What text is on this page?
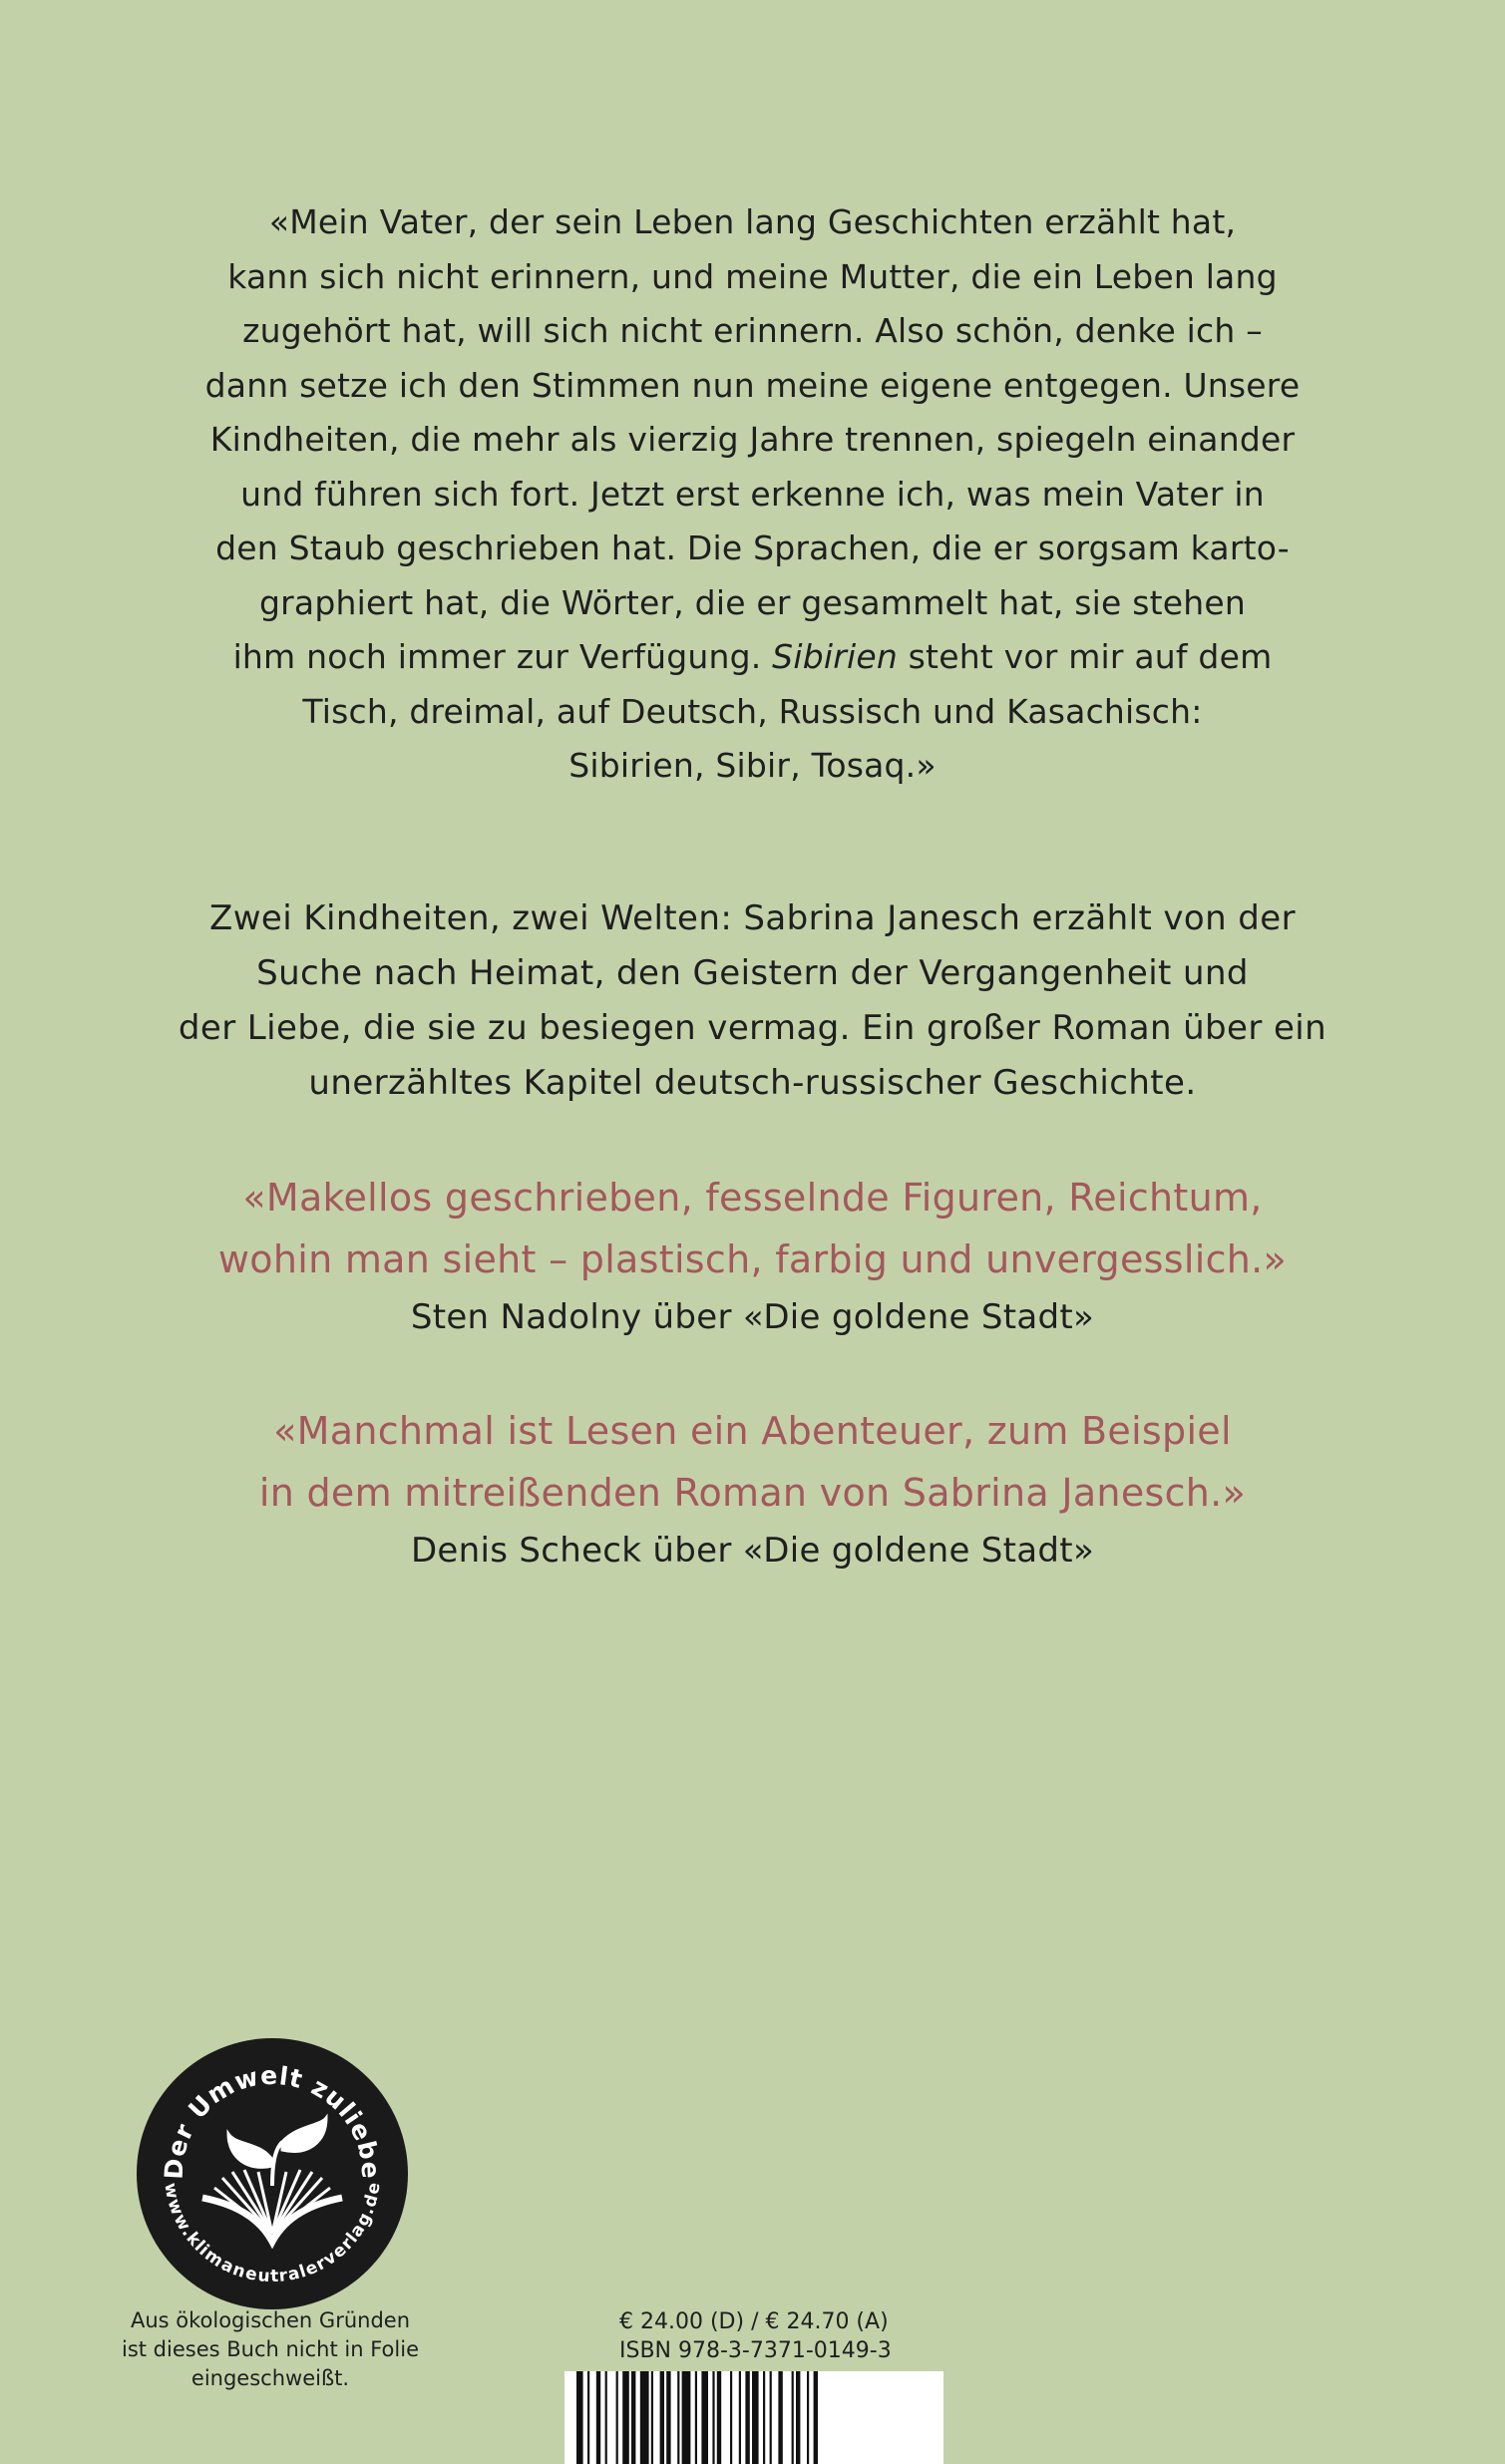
«Mein Vater, der sein Leben lang Geschichten erzählt hat,
kann sich nicht erinnern, und meine Mutter, die ein Leben lang
zugehört hat, will sich nicht erinnern. Also schön, denke ich –
dann setze ich den Stimmen nun meine eigene entgegen. Unsere
Kindheiten, die mehr als vierzig Jahre trennen, spiegeln einander
und führen sich fort. Jetzt erst erkenne ich, was mein Vater in
den Staub geschrieben hat. Die Sprachen, die er sorgsam karto-
graphiert hat, die Wörter, die er gesammelt hat, sie stehen
ihm noch immer zur Verfügung. Sibirien steht vor mir auf dem
Tisch, dreimal, auf Deutsch, Russisch und Kasachisch:
Sibirien, Sibir, Tosaq.»
Zwei Kindheiten, zwei Welten: Sabrina Janesch erzählt von der
Suche nach Heimat, den Geistern der Vergangenheit und
der Liebe, die sie zu besiegen vermag. Ein großer Roman über ein
unerzähltes Kapitel deutsch-russischer Geschichte.
«Makellos geschrieben, fesselnde Figuren, Reichtum,
wohin man sieht – plastisch, farbig und unvergesslich.»
Sten Nadolny über «Die goldene Stadt»
«Manchmal ist Lesen ein Abenteuer, zum Beispiel
in dem mitreißenden Roman von Sabrina Janesch.»
Denis Scheck über «Die goldene Stadt»
Der Umwelt zuliebe
www.klimaneutralerverlag.de
Aus ökologischen Gründen
ist dieses Buch nicht in Folie
eingeschweißt.
€ 24.00 (D) / € 24.70 (A)
ISBN 978-3-7371-0149-3
